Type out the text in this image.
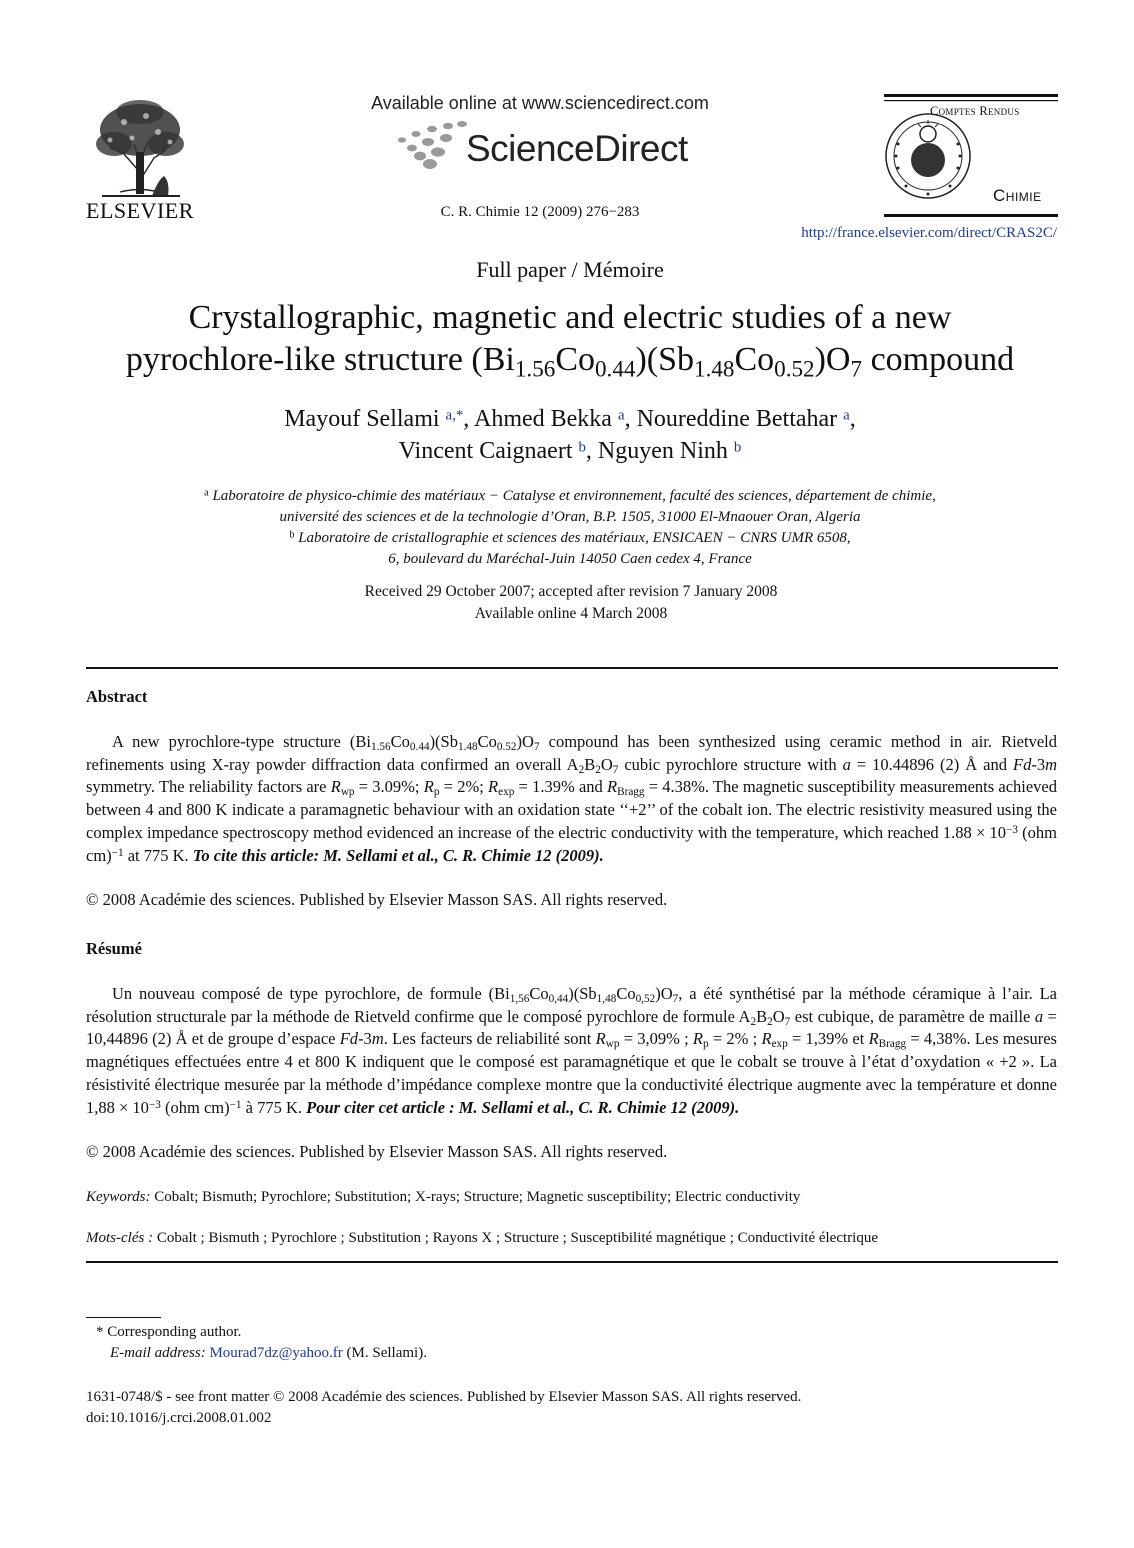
ELSEVIER
Available online at www.sciencedirect.com
ScienceDirect
C. R. Chimie 12 (2009) 276−283
Comptes Rendus
Chimie
http://france.elsevier.com/direct/CRAS2C/
Full paper / Mémoire
Crystallographic, magnetic and electric studies of a new
pyrochlore-like structure $(Bi_{1.56}Co_{0.44})(Sb_{1.48}Co_{0.52})O_7$ compound
Mayouf Sellami $^{a,*}$, Ahmed Bekka $^a$, Noureddine Bettahar $^a$,
Vincent Caignaert $^b$, Nguyen Ninh $^b$
$^a$ Laboratoire de physico-chimie des matériaux − Catalyse et environnement, faculté des sciences, département de chimie,
université des sciences et de la technologie d’Oran, B.P. 1505, 31000 El-Mnaouer Oran, Algeria
$^b$ Laboratoire de cristallographie et sciences des matériaux, ENSICAEN − CNRS UMR 6508,
6, boulevard du Maréchal-Juin 14050 Caen cedex 4, France
Received 29 October 2007; accepted after revision 7 January 2008
Available online 4 March 2008
Abstract
A new pyrochlore-type structure $(Bi_{1.56}Co_{0.44})(Sb_{1.48}Co_{0.52})O_7$ compound has been synthesized using ceramic method in air. Rietveld refinements using X-ray powder diffraction data confirmed an overall $A_2B_2O_7$ cubic pyrochlore structure with a = 10.44896 (2) Å and Fd-3m symmetry. The reliability factors are $R_{wp} = 3.09\%$; $R_p = 2\%$; $R_{exp} = 1.39\%$ and $R_{Bragg} = 4.38\%$. The magnetic susceptibility measurements achieved between 4 and 800 K indicate a paramagnetic behaviour with an oxidation state ‘‘+2’’ of the cobalt ion. The electric resistivity measured using the complex impedance spectroscopy method evidenced an increase of the electric conductivity with the temperature, which reached $1.88 \times 10^{-3}$ (ohm cm)$^{-1}$ at 775 K. To cite this article: M. Sellami et al., C. R. Chimie 12 (2009).
© 2008 Académie des sciences. Published by Elsevier Masson SAS. All rights reserved.
Résumé
Un nouveau composé de type pyrochlore, de formule $(Bi_{1,56}Co_{0,44})(Sb_{1,48}Co_{0,52})O_7$, a été synthétisé par la méthode céramique à l’air. La résolution structurale par la méthode de Rietveld confirme que le composé pyrochlore de formule $A_2B_2O_7$ est cubique, de paramètre de maille a = 10,44896 (2) Å et de groupe d’espace Fd-3m. Les facteurs de reliabilité sont $R_{wp} = 3,09\%$ ; $R_p = 2\%$ ; $R_{exp} = 1,39\%$ et $R_{Bragg} = 4,38\%$. Les mesures magnétiques effectuées entre 4 et 800 K indiquent que le composé est paramagnétique et que le cobalt se trouve à l’état d’oxydation « +2 ». La résistivité électrique mesurée par la méthode d’impédance complexe montre que la conductivité électrique augmente avec la température et donne $1,88 \times 10^{-3}$ (ohm cm)$^{-1}$ à 775 K. Pour citer cet article : M. Sellami et al., C. R. Chimie 12 (2009).
© 2008 Académie des sciences. Published by Elsevier Masson SAS. All rights reserved.
Keywords: Cobalt; Bismuth; Pyrochlore; Substitution; X-rays; Structure; Magnetic susceptibility; Electric conductivity
Mots-clés : Cobalt ; Bismuth ; Pyrochlore ; Substitution ; Rayons X ; Structure ; Susceptibilité magnétique ; Conductivité électrique
* Corresponding author.
E-mail address: Mourad7dz@yahoo.fr (M. Sellami).
1631-0748/$ - see front matter © 2008 Académie des sciences. Published by Elsevier Masson SAS. All rights reserved.
doi:10.1016/j.crci.2008.01.002
